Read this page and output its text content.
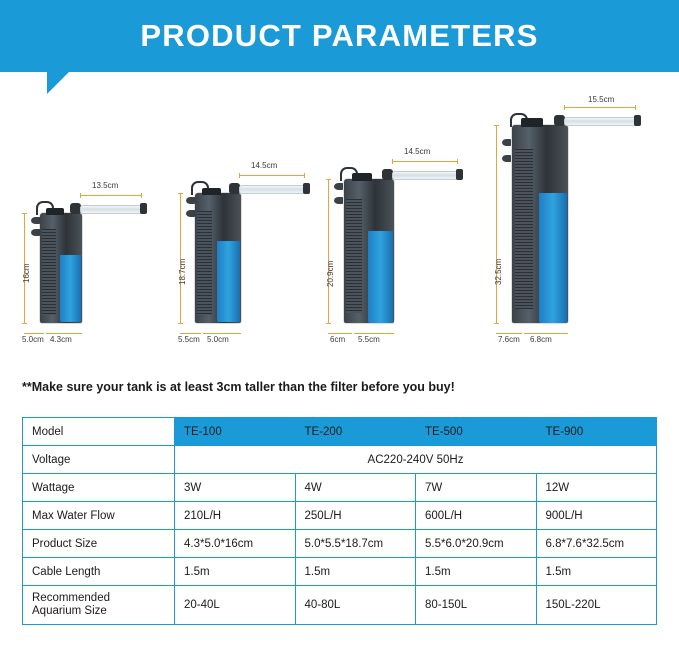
PRODUCT PARAMETERS
13.5cm
16cm
5.0cm 4.3cm
14.5cm
18.7cm
5.5cm 5.0cm
14.5cm
20.9cm
6cm 5.5cm
15.5cm
32.5cm
7.6cm 6.8cm
**Make sure your tank is at least 3cm taller than the filter before you buy!
Model	TE-100	TE-200	TE-500	TE-900
Voltage	AC220-240V 50Hz			
Wattage	3W	4W	7W	12W
Max Water Flow	210L/H	250L/H	600L/H	900L/H
Product Size	4.3*5.0*16cm	5.0*5.5*18.7cm	5.5*6.0*20.9cm	6.8*7.6*32.5cm
Cable Length	1.5m	1.5m	1.5m	1.5m

Recommended
Aquarium Size	20-40L	40-80L	80-150L	150L-220L
